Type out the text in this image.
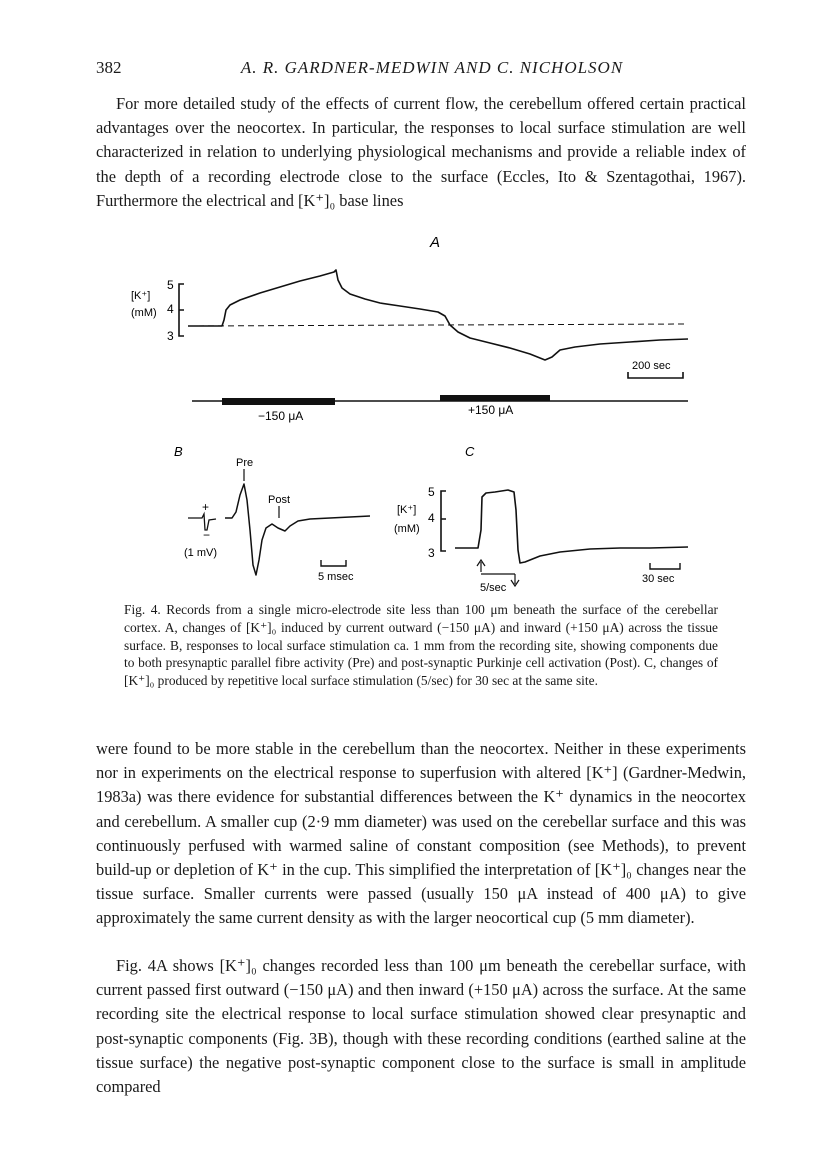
382	A. R. GARDNER-MEDWIN AND C. NICHOLSON

For more detailed study of the effects of current flow, the cerebellum offered certain practical advantages over the neocortex. In particular, the responses to local surface stimulation are well characterized in relation to underlying physiological mechanisms and provide a reliable index of the depth of a recording electrode close to the surface (Eccles, Ito & Szentagothai, 1967). Furthermore the electrical and [K⁺]₀ base lines

A
[K⁺]
(mM)
5
4
3
200 sec
−150 μA	+150 μA
B
Pre
Post
+
−
(1 mV)
5 msec
C
[K⁺]
(mM)
5
4
3
5/sec
30 sec

Fig. 4. Records from a single micro-electrode site less than 100 μm beneath the surface of the cerebellar cortex. A, changes of [K⁺]₀ induced by current outward (−150 μA) and inward (+150 μA) across the tissue surface. B, responses to local surface stimulation ca. 1 mm from the recording site, showing components due to both presynaptic parallel fibre activity (Pre) and post-synaptic Purkinje cell activation (Post). C, changes of [K⁺]₀ produced by repetitive local surface stimulation (5/sec) for 30 sec at the same site.

were found to be more stable in the cerebellum than the neocortex. Neither in these experiments nor in experiments on the electrical response to superfusion with altered [K⁺] (Gardner-Medwin, 1983a) was there evidence for substantial differences between the K⁺ dynamics in the neocortex and cerebellum. A smaller cup (2·9 mm diameter) was used on the cerebellar surface and this was continuously perfused with warmed saline of constant composition (see Methods), to prevent build-up or depletion of K⁺ in the cup. This simplified the interpretation of [K⁺]₀ changes near the tissue surface. Smaller currents were passed (usually 150 μA instead of 400 μA) to give approximately the same current density as with the larger neocortical cup (5 mm diameter).

Fig. 4A shows [K⁺]₀ changes recorded less than 100 μm beneath the cerebellar surface, with current passed first outward (−150 μA) and then inward (+150 μA) across the surface. At the same recording site the electrical response to local surface stimulation showed clear presynaptic and post-synaptic components (Fig. 3B), though with these recording conditions (earthed saline at the tissue surface) the negative post-synaptic component close to the surface is small in amplitude compared
